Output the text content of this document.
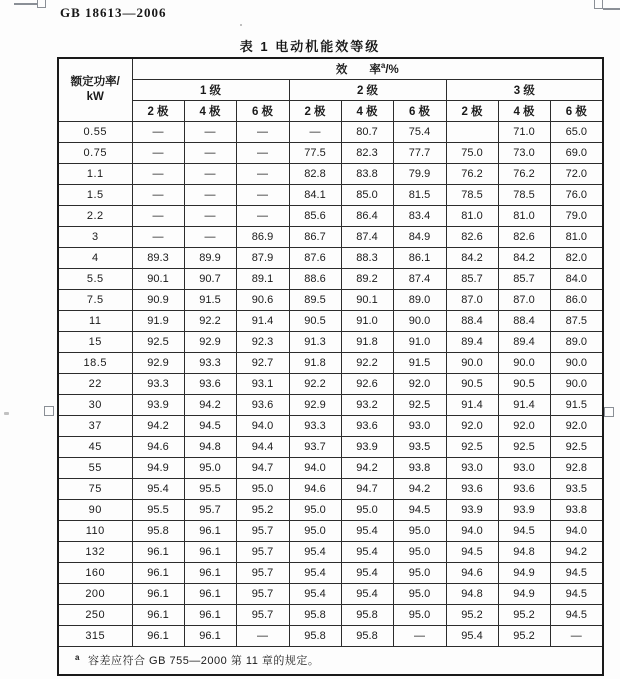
GB 18613—2006
表 1 电动机能效等级
额定功率/
kW	效 率$^a$/%								
	1 级			2 级			3 级		
	2 极	4 极	6 极	2 极	4 极	6 极	2 极	4 极	6 极
0.55	—	—	—	—	80.7	75.4		71.0	65.0
0.75	—	—	—	77.5	82.3	77.7	75.0	73.0	69.0
1.1	—	—	—	82.8	83.8	79.9	76.2	76.2	72.0
1.5	—	—	—	84.1	85.0	81.5	78.5	78.5	76.0
2.2	—	—	—	85.6	86.4	83.4	81.0	81.0	79.0
3	—	—	86.9	86.7	87.4	84.9	82.6	82.6	81.0
4	89.3	89.9	87.9	87.6	88.3	86.1	84.2	84.2	82.0
5.5	90.1	90.7	89.1	88.6	89.2	87.4	85.7	85.7	84.0
7.5	90.9	91.5	90.6	89.5	90.1	89.0	87.0	87.0	86.0
11	91.9	92.2	91.4	90.5	91.0	90.0	88.4	88.4	87.5
15	92.5	92.9	92.3	91.3	91.8	91.0	89.4	89.4	89.0
18.5	92.9	93.3	92.7	91.8	92.2	91.5	90.0	90.0	90.0
22	93.3	93.6	93.1	92.2	92.6	92.0	90.5	90.5	90.0
30	93.9	94.2	93.6	92.9	93.2	92.5	91.4	91.4	91.5
37	94.2	94.5	94.0	93.3	93.6	93.0	92.0	92.0	92.0
45	94.6	94.8	94.4	93.7	93.9	93.5	92.5	92.5	92.5
55	94.9	95.0	94.7	94.0	94.2	93.8	93.0	93.0	92.8
75	95.4	95.5	95.0	94.6	94.7	94.2	93.6	93.6	93.5
90	95.5	95.7	95.2	95.0	95.0	94.5	93.9	93.9	93.8
110	95.8	96.1	95.7	95.0	95.4	95.0	94.0	94.5	94.0
132	96.1	96.1	95.7	95.4	95.4	95.0	94.5	94.8	94.2
160	96.1	96.1	95.7	95.4	95.4	95.0	94.6	94.9	94.5
200	96.1	96.1	95.7	95.4	95.4	95.0	94.8	94.9	94.5
250	96.1	96.1	95.7	95.8	95.8	95.0	95.2	95.2	94.5
315	96.1	96.1	—	95.8	95.8	—	95.4	95.2	—
$^a$ 容差应符合 GB 755—2000 第 11 章的规定。									
